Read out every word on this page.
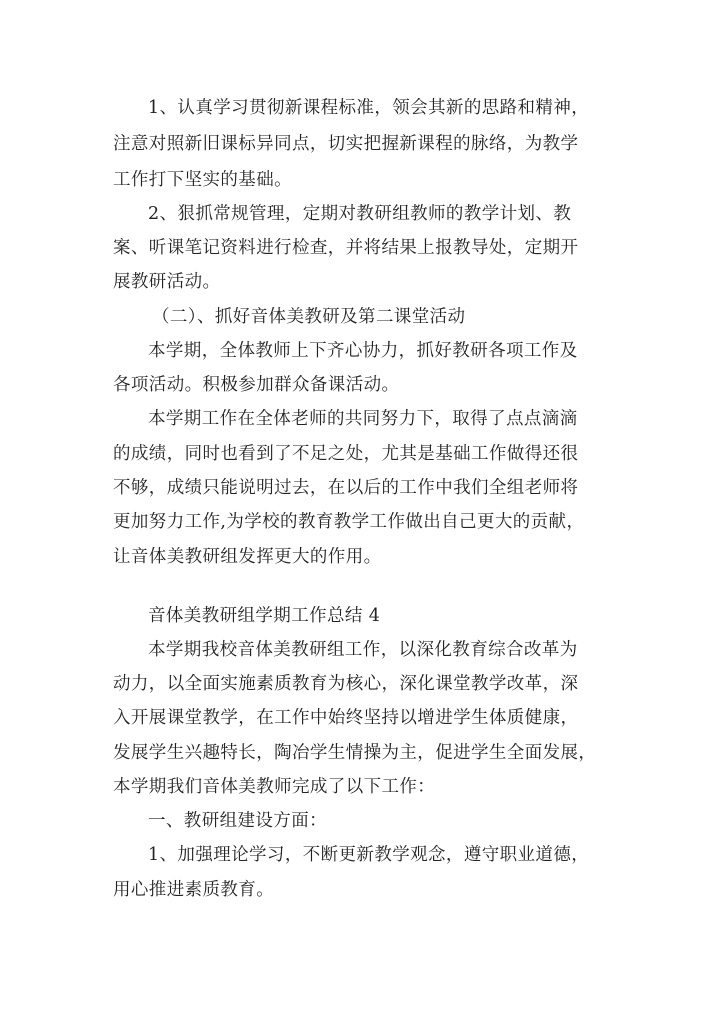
1、认真学习贯彻新课程标准，领会其新的思路和精神，
注意对照新旧课标异同点，切实把握新课程的脉络，为教学
工作打下坚实的基础。
2、狠抓常规管理，定期对教研组教师的教学计划、教
案、听课笔记资料进行检查，并将结果上报教导处，定期开
展教研活动。
（二）、抓好音体美教研及第二课堂活动
本学期，全体教师上下齐心协力，抓好教研各项工作及
各项活动。积极参加群众备课活动。
本学期工作在全体老师的共同努力下，取得了点点滴滴
的成绩，同时也看到了不足之处，尤其是基础工作做得还很
不够，成绩只能说明过去，在以后的工作中我们全组老师将
更加努力工作,为学校的教育教学工作做出自己更大的贡献，
让音体美教研组发挥更大的作用。
音体美教研组学期工作总结 4
本学期我校音体美教研组工作，以深化教育综合改革为
动力，以全面实施素质教育为核心，深化课堂教学改革，深
入开展课堂教学，在工作中始终坚持以增进学生体质健康，
发展学生兴趣特长，陶冶学生情操为主，促进学生全面发展，
本学期我们音体美教师完成了以下工作：
一、教研组建设方面：
1、加强理论学习，不断更新教学观念，遵守职业道德，
用心推进素质教育。
